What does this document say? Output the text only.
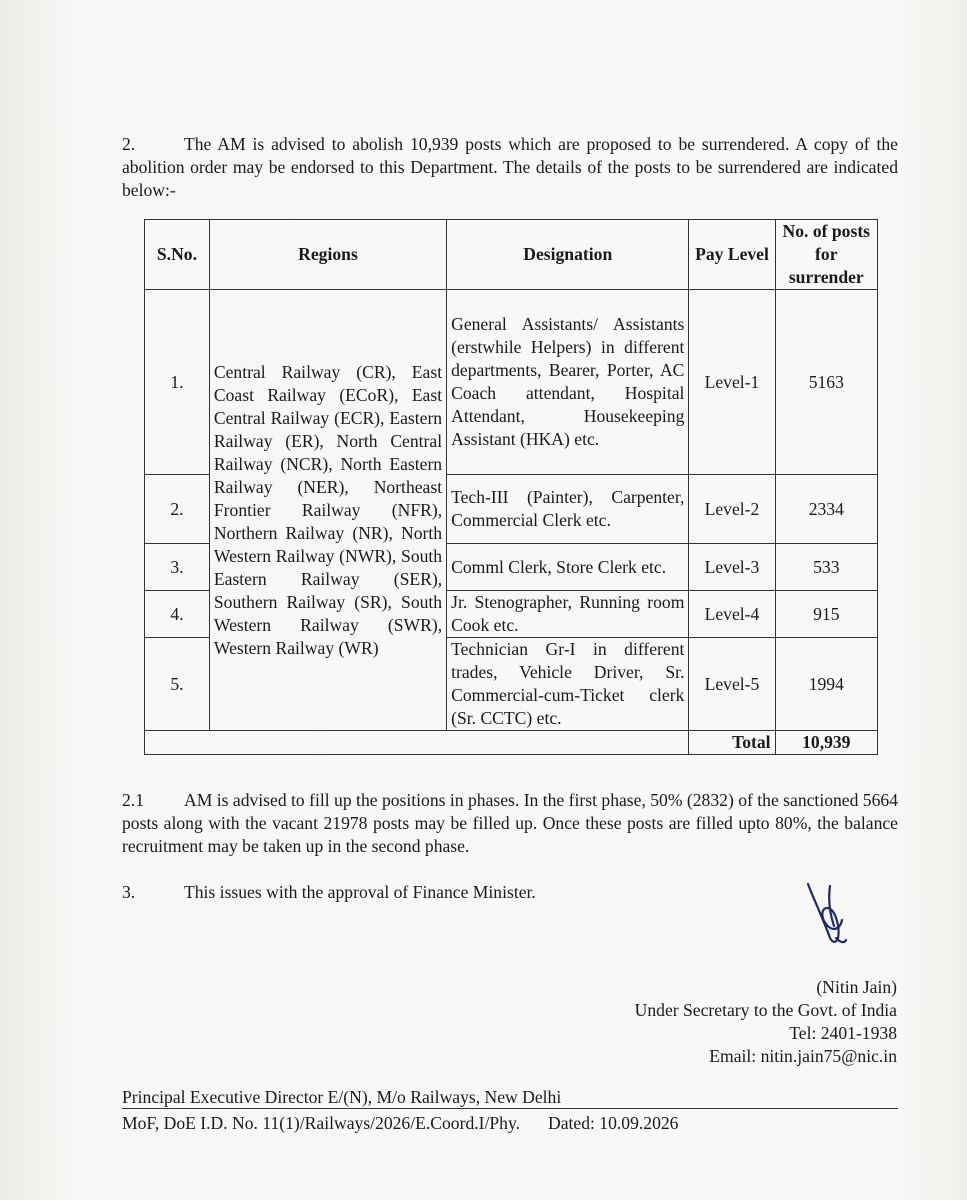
2.	The AM is advised to abolish 10,939 posts which are proposed to be surrendered. A copy of the abolition order may be endorsed to this Department. The details of the posts to be surrendered are indicated below:-
S.No.	Regions	Designation	Pay Level	No. of posts for surrender
1.	Central Railway (CR), East Coast Railway (ECoR), East Central Railway (ECR), Eastern Railway (ER), North Central Railway (NCR), North Eastern Railway (NER), Northeast Frontier Railway (NFR), Northern Railway (NR), North Western Railway (NWR), South Eastern Railway (SER), Southern Railway (SR), South Western Railway (SWR), Western Railway (WR)	General Assistants/ Assistants (erstwhile Helpers) in different departments, Bearer, Porter, AC Coach attendant, Hospital Attendant, Housekeeping Assistant (HKA) etc.	Level-1	5163
2.		Tech-III (Painter), Carpenter, Commercial Clerk etc.	Level-2	2334
3.		Comml Clerk, Store Clerk etc.	Level-3	533
4.		Jr. Stenographer, Running room Cook etc.	Level-4	915
5.		Technician Gr-I in different trades, Vehicle Driver, Sr. Commercial-cum-Ticket clerk (Sr. CCTC) etc.	Level-5	1994
			Total	10,939
2.1 AM is advised to fill up the positions in phases. In the first phase, 50% (2832) of the sanctioned 5664 posts along with the vacant 21978 posts may be filled up. Once these posts are filled upto 80%, the balance recruitment may be taken up in the second phase.
3.	This issues with the approval of Finance Minister.
(Nitin Jain)
Under Secretary to the Govt. of India
Tel: 2401-1938
Email: nitin.jain75@nic.in
Principal Executive Director E/(N), M/o Railways, New Delhi
MoF, DoE I.D. No. 11(1)/Railways/2026/E.Coord.I/Phy. Dated: 10.09.2026
